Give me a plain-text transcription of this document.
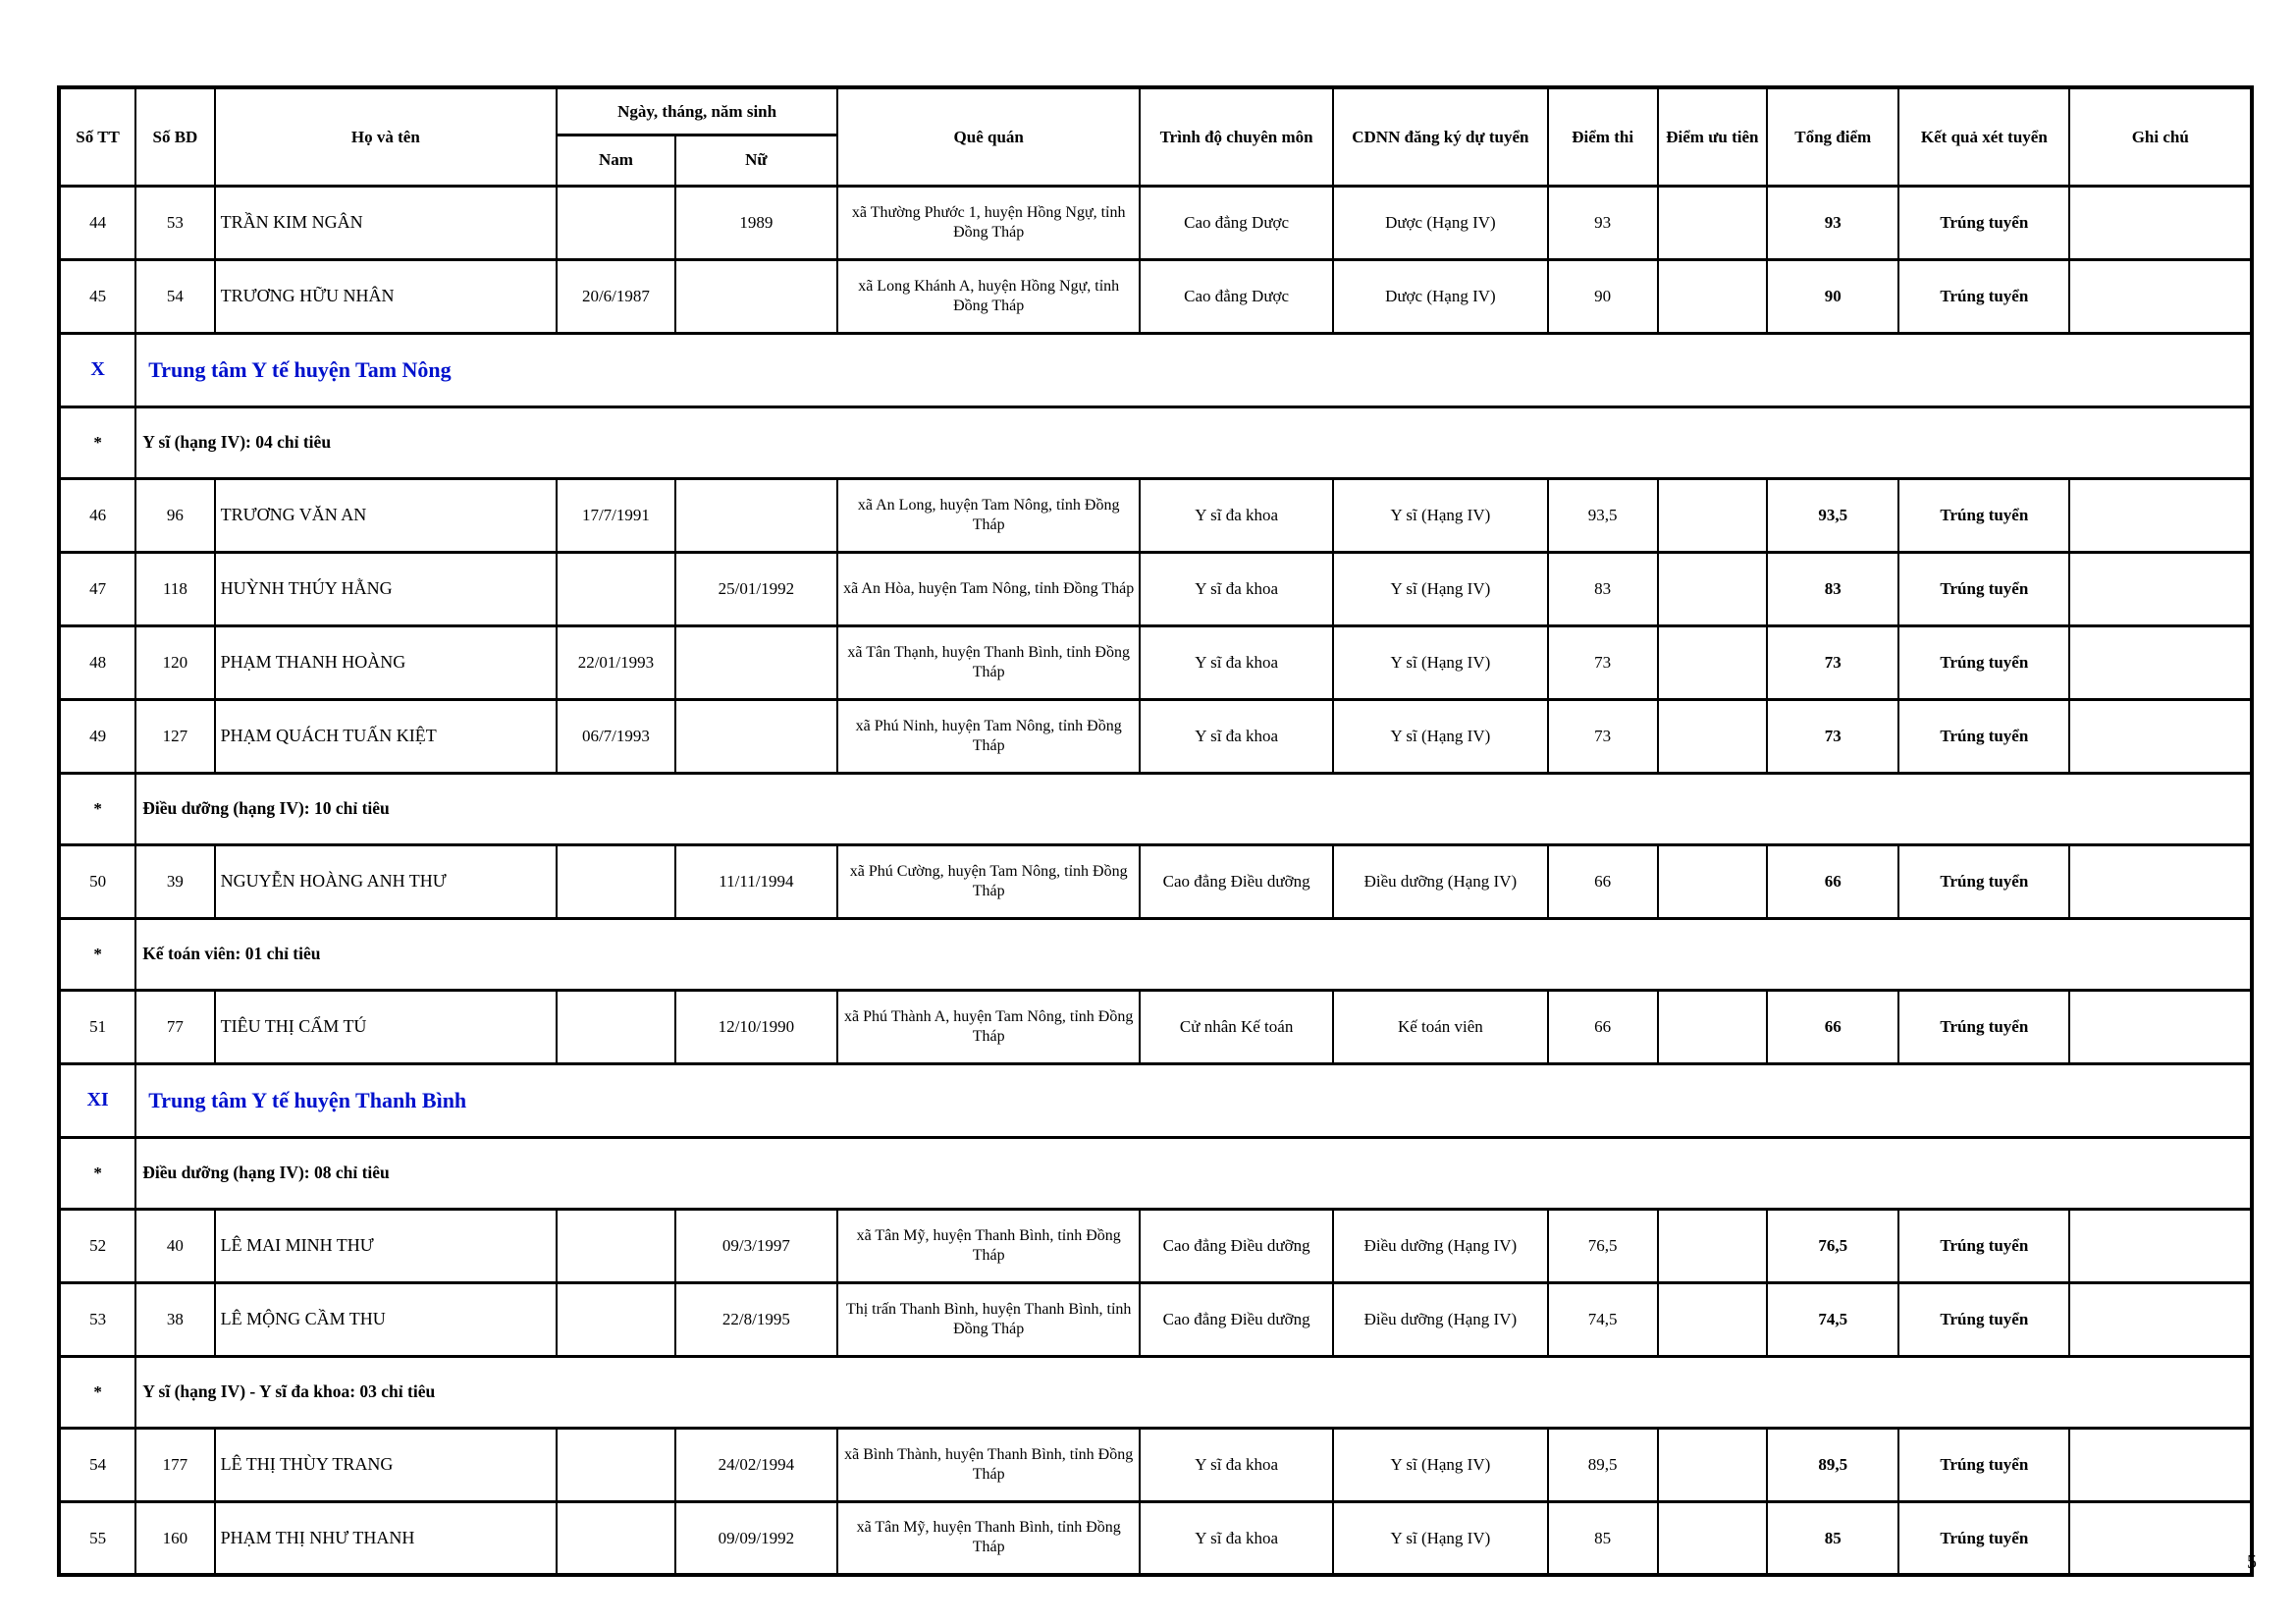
Số TT	Số BD	Họ và tên	Ngày, tháng, năm sinh		Quê quán	Trình độ chuyên môn	CDNN đăng ký dự tuyển	Điểm thi	Điểm ưu tiên	Tổng điểm	Kết quả xét tuyển	Ghi chú
			Nam	Nữ								
44	53	TRẦN KIM NGÂN		1989	xã Thường Phước 1, huyện Hồng Ngự, tỉnh Đồng Tháp	Cao đẳng Dược	Dược (Hạng IV)	93		93	Trúng tuyển	
45	54	TRƯƠNG HỮU NHÂN	20/6/1987		xã Long Khánh A, huyện Hồng Ngự, tỉnh Đồng Tháp	Cao đẳng Dược	Dược (Hạng IV)	90		90	Trúng tuyển	
X	Trung tâm Y tế huyện Tam Nông											
*	Y sĩ (hạng IV): 04 chỉ tiêu											
46	96	TRƯƠNG VĂN AN	17/7/1991		xã An Long, huyện Tam Nông, tỉnh Đồng Tháp	Y sĩ đa khoa	Y sĩ (Hạng IV)	93,5		93,5	Trúng tuyển	
47	118	HUỲNH THÚY HẰNG		25/01/1992	xã An Hòa, huyện Tam Nông, tỉnh Đồng Tháp	Y sĩ đa khoa	Y sĩ (Hạng IV)	83		83	Trúng tuyển	
48	120	PHẠM THANH HOÀNG	22/01/1993		xã Tân Thạnh, huyện Thanh Bình, tỉnh Đồng Tháp	Y sĩ đa khoa	Y sĩ (Hạng IV)	73		73	Trúng tuyển	
49	127	PHẠM QUÁCH TUẤN KIỆT	06/7/1993		xã Phú Ninh, huyện Tam Nông, tỉnh Đồng Tháp	Y sĩ đa khoa	Y sĩ (Hạng IV)	73		73	Trúng tuyển	
*	Điều dưỡng (hạng IV): 10 chỉ tiêu											
50	39	NGUYỄN HOÀNG ANH THƯ		11/11/1994	xã Phú Cường, huyện Tam Nông, tỉnh Đồng Tháp	Cao đẳng Điều dưỡng	Điều dưỡng (Hạng IV)	66		66	Trúng tuyển	
*	Kế toán viên: 01 chỉ tiêu											
51	77	TIÊU THỊ CẨM TÚ		12/10/1990	xã Phú Thành A, huyện Tam Nông, tỉnh Đồng Tháp	Cử nhân Kế toán	Kế toán viên	66		66	Trúng tuyển	
XI	Trung tâm Y tế huyện Thanh Bình											
*	Điều dưỡng (hạng IV): 08 chỉ tiêu											
52	40	LÊ MAI MINH THƯ		09/3/1997	xã Tân Mỹ, huyện Thanh Bình, tỉnh Đồng Tháp	Cao đẳng Điều dưỡng	Điều dưỡng (Hạng IV)	76,5		76,5	Trúng tuyển	
53	38	LÊ MỘNG CẦM THU		22/8/1995	Thị trấn Thanh Bình, huyện Thanh Bình, tỉnh Đồng Tháp	Cao đẳng Điều dưỡng	Điều dưỡng (Hạng IV)	74,5		74,5	Trúng tuyển	
*	Y sĩ (hạng IV) - Y sĩ đa khoa: 03 chỉ tiêu											
54	177	LÊ THỊ THÙY TRANG		24/02/1994	xã Bình Thành, huyện Thanh Bình, tỉnh Đồng Tháp	Y sĩ đa khoa	Y sĩ (Hạng IV)	89,5		89,5	Trúng tuyển	
55	160	PHẠM THỊ NHƯ THANH		09/09/1992	xã Tân Mỹ, huyện Thanh Bình, tỉnh Đồng Tháp	Y sĩ đa khoa	Y sĩ (Hạng IV)	85		85	Trúng tuyển	
5
